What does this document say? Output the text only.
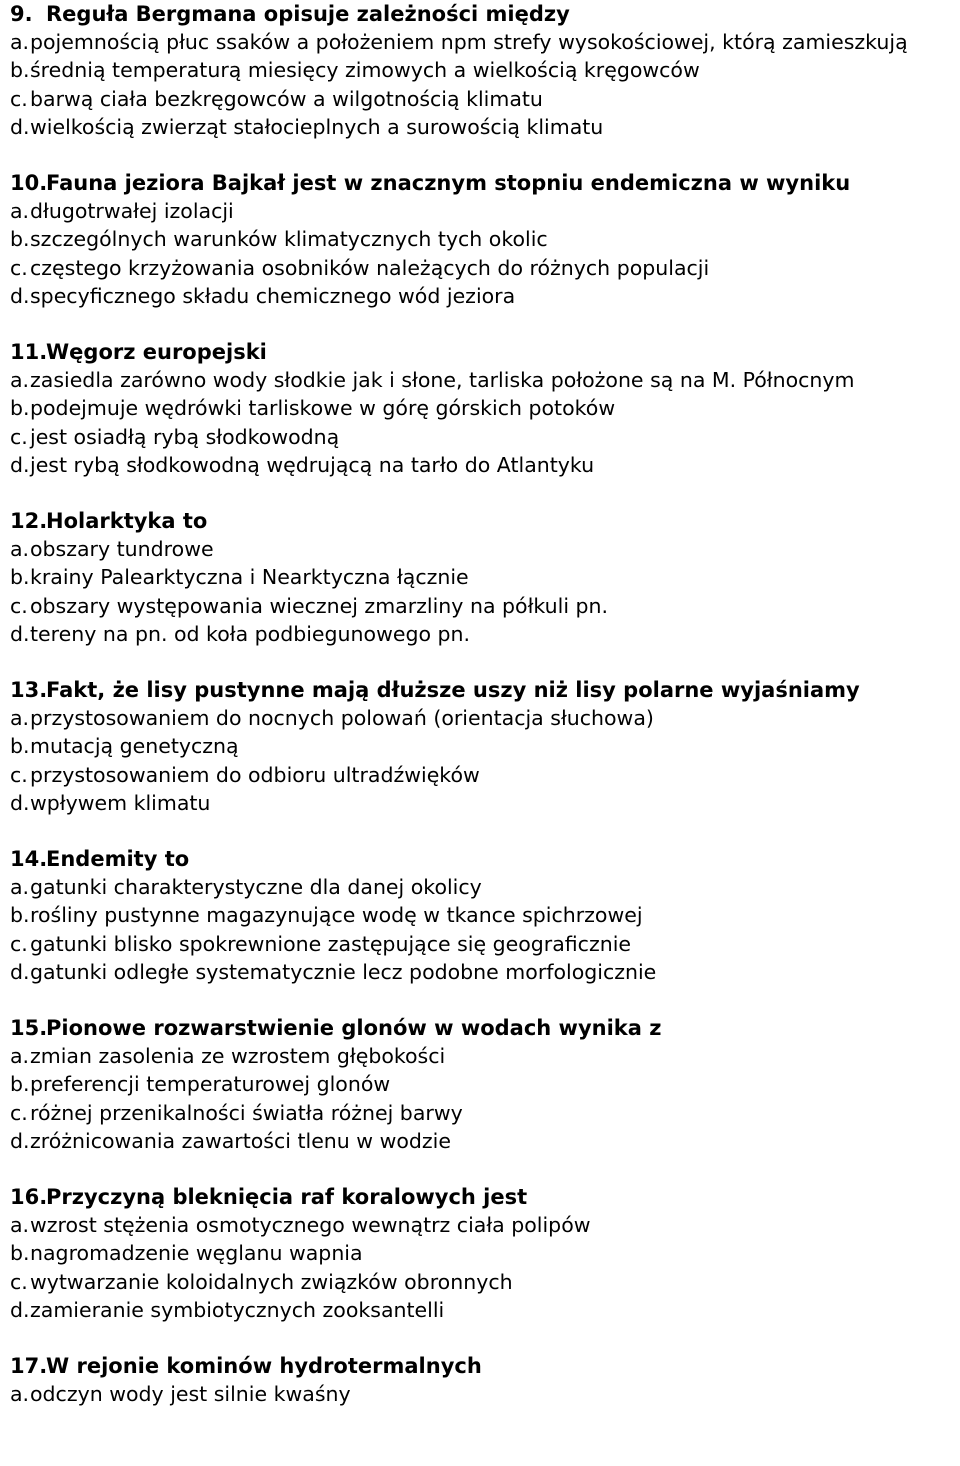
9. Reguła Bergmana opisuje zależności między
a. pojemnością płuc ssaków a położeniem npm strefy wysokościowej, którą zamieszkują
b. średnią temperaturą miesięcy zimowych a wielkością kręgowców
c. barwą ciała bezkręgowców a wilgotnością klimatu
d. wielkością zwierząt stałocieplnych a surowością klimatu
10.
Fauna jeziora Bajkał jest w znacznym stopniu endemiczna w wyniku
a. długotrwałej izolacji
b. szczególnych warunków klimatycznych tych okolic
c. częstego krzyżowania osobników należących do różnych populacji
d. specyficznego składu chemicznego wód jeziora
11.
Węgorz europejski
a. zasiedla zarówno wody słodkie jak i słone, tarliska położone są na M. Północnym
b. podejmuje wędrówki tarliskowe w górę górskich potoków
c. jest osiadłą rybą słodkowodną
d. jest rybą słodkowodną wędrującą na tarło do Atlantyku
12.
Holarktyka to
a. obszary tundrowe
b. krainy Palearktyczna i Nearktyczna łącznie
c. obszary występowania wiecznej zmarzliny na półkuli pn.
d. tereny na pn. od koła podbiegunowego pn.
13.
Fakt, że lisy pustynne mają dłuższe uszy niż lisy polarne wyjaśniamy
a. przystosowaniem do nocnych polowań (orientacja słuchowa)
b. mutacją genetyczną
c. przystosowaniem do odbioru ultradźwięków
d. wpływem klimatu
14.
Endemity to
a. gatunki charakterystyczne dla danej okolicy
b. rośliny pustynne magazynujące wodę w tkance spichrzowej
c. gatunki blisko spokrewnione zastępujące się geograficznie
d. gatunki odległe systematycznie lecz podobne morfologicznie
15.
Pionowe rozwarstwienie glonów w wodach wynika z
a. zmian zasolenia ze wzrostem głębokości
b. preferencji temperaturowej glonów
c. różnej przenikalności światła różnej barwy
d. zróżnicowania zawartości tlenu w wodzie
16.
Przyczyną bleknięcia raf koralowych jest
a. wzrost stężenia osmotycznego wewnątrz ciała polipów
b. nagromadzenie węglanu wapnia
c. wytwarzanie koloidalnych związków obronnych
d. zamieranie symbiotycznych zooksantelli
17.
W rejonie kominów hydrotermalnych
a. odczyn wody jest silnie kwaśny
